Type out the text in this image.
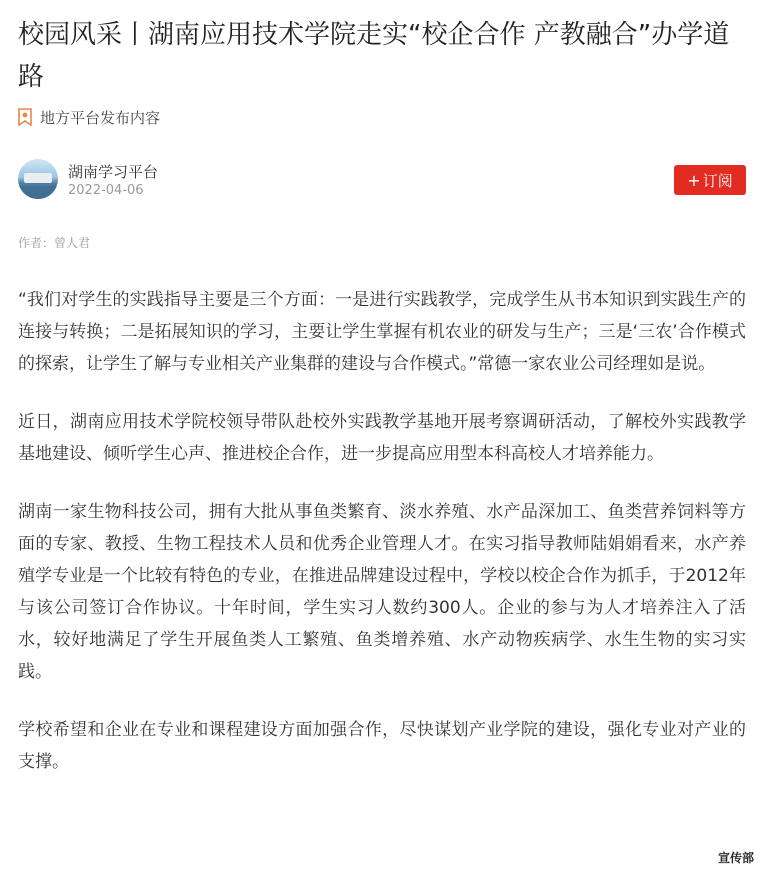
校园风采丨湖南应用技术学院走实“校企合作 产教融合”办学道路
地方平台发布内容
湖南学习平台
2022-04-06
+ 订阅
作者：曾人君

“我们对学生的实践指导主要是三个方面：一是进行实践教学，完成学生从书本知识到实践生产的连接与转换；二是拓展知识的学习，主要让学生掌握有机农业的研发与生产；三是‘三农’合作模式的探索，让学生了解与专业相关产业集群的建设与合作模式。”常德一家农业公司经理如是说。

近日，湖南应用技术学院校领导带队赴校外实践教学基地开展考察调研活动，了解校外实践教学基地建设、倾听学生心声、推进校企合作，进一步提高应用型本科高校人才培养能力。

湖南一家生物科技公司，拥有大批从事鱼类繁育、淡水养殖、水产品深加工、鱼类营养饲料等方面的专家、教授、生物工程技术人员和优秀企业管理人才。在实习指导教师陆娟娟看来，水产养殖学专业是一个比较有特色的专业，在推进品牌建设过程中，学校以校企合作为抓手，于2012年与该公司签订合作协议。十年时间，学生实习人数约300人。企业的参与为人才培养注入了活水，较好地满足了学生开展鱼类人工繁殖、鱼类增养殖、水产动物疾病学、水生生物的实习实践。

学校希望和企业在专业和课程建设方面加强合作，尽快谋划产业学院的建设，强化专业对产业的支撑。

宣传部
